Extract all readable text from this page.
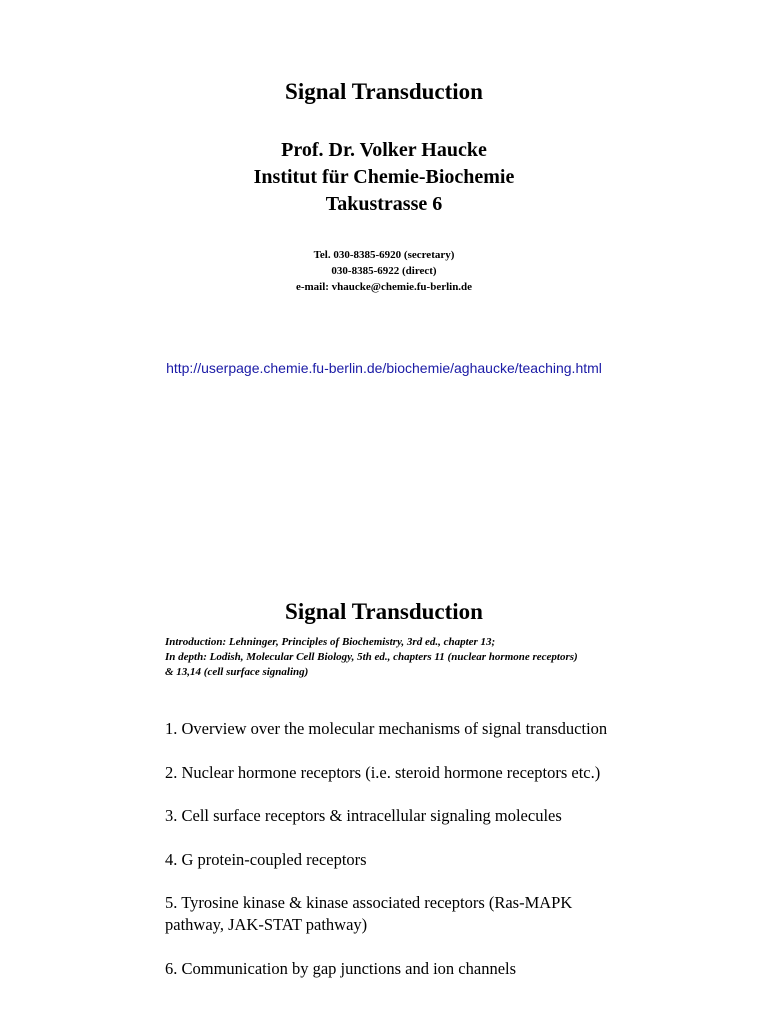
Signal Transduction
Prof. Dr. Volker Haucke
Institut für Chemie-Biochemie
Takustrasse 6
Tel. 030-8385-6920 (secretary)
030-8385-6922 (direct)
e-mail: vhaucke@chemie.fu-berlin.de
http://userpage.chemie.fu-berlin.de/biochemie/aghaucke/teaching.html
Signal Transduction
Introduction: Lehninger, Principles of Biochemistry, 3rd ed., chapter 13;
In depth: Lodish, Molecular Cell Biology, 5th ed., chapters 11 (nuclear hormone receptors)
& 13,14 (cell surface signaling)
1. Overview over the molecular mechanisms of signal transduction
2. Nuclear hormone receptors (i.e. steroid hormone receptors etc.)
3. Cell surface receptors & intracellular signaling molecules
4. G protein-coupled receptors
5. Tyrosine kinase & kinase associated receptors (Ras-MAPK pathway, JAK-STAT pathway)
6. Communication by gap junctions and ion channels
